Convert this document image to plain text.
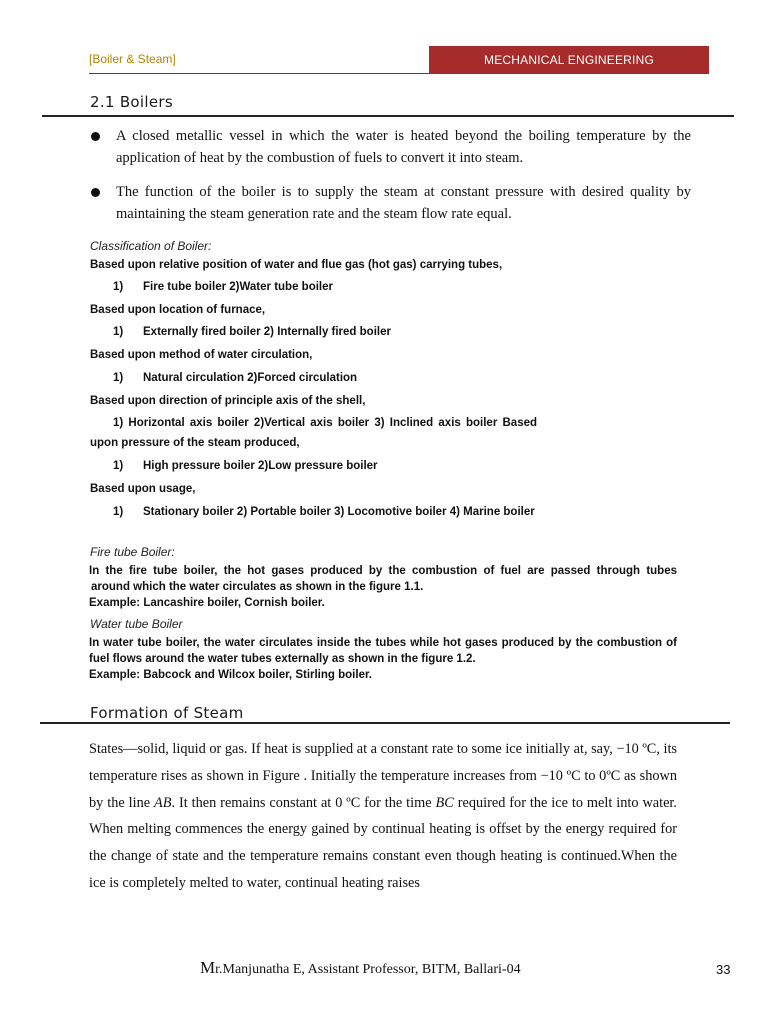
[Boiler & Steam]	MECHANICAL ENGINEERING
2.1 Boilers
A closed metallic vessel in which the water is heated beyond the boiling temperature by the application of heat by the combustion of fuels to convert it into steam.
The function of the boiler is to supply the steam at constant pressure with desired quality by maintaining the steam generation rate and the steam flow rate equal.
Classification of Boiler:
Based upon relative position of water and flue gas (hot gas) carrying tubes,
1) Fire tube boiler 2)Water tube boiler
Based upon location of furnace,
1) Externally fired boiler 2) Internally fired boiler
Based upon method of water circulation,
1) Natural circulation 2)Forced circulation
Based upon direction of principle axis of the shell,
1) Horizontal axis boiler 2)Vertical axis boiler 3) Inclined axis boiler Based
upon pressure of the steam produced,
1) High pressure boiler 2)Low pressure boiler
Based upon usage,
1) Stationary boiler 2) Portable boiler 3) Locomotive boiler 4) Marine boiler
Fire tube Boiler:
In the fire tube boiler, the hot gases produced by the combustion of fuel are passed through tubes
around which the water circulates as shown in the figure 1.1.
Example: Lancashire boiler, Cornish boiler.
Water tube Boiler
In water tube boiler, the water circulates inside the tubes while hot gases produced by the combustion of
fuel flows around the water tubes externally as shown in the figure 1.2.
Example: Babcock and Wilcox boiler, Stirling boiler.
Formation of Steam
States—solid, liquid or gas. If heat is supplied at a constant rate to some ice initially at, say, −10 ºC, its temperature rises as shown in Figure . Initially the temperature increases from −10 ºC to 0ºC as shown by the line AB. It then remains constant at 0 ºC for the time BC required for the ice to melt into water. When melting commences the energy gained by continual heating is offset by the energy required for the change of state and the temperature remains constant even though heating is continued.When the ice is completely melted to water, continual heating raises
Mr.Manjunatha E, Assistant Professor, BITM, Ballari-04	33
